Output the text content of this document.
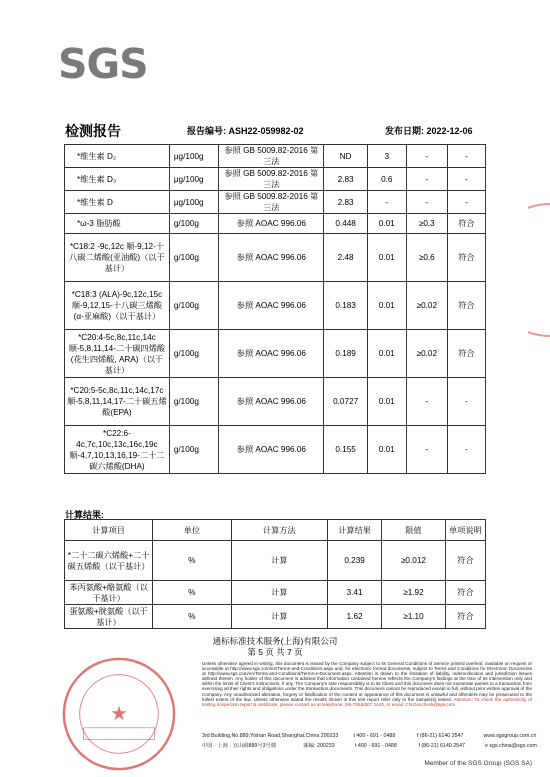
SGS
检测报告	报告编号: ASH22-059982-02	发布日期: 2022-12-06
*维生素 D₂	μg/100g	参照 GB 5009.82-2016 第三法	ND	3	-	-
*维生素 D₃	μg/100g	参照 GB 5009.82-2016 第三法	2.83	0.6	-	-
*维生素 D	μg/100g	参照 GB 5009.82-2016 第三法	2.83	-	-	-
*ω-3 脂肪酸	g/100g	参照 AOAC 996.06	0.448	0.01	≥0.3	符合
*C18:2 -9c,12c 顺-9,12-十八碳二烯酸(亚油酸)（以干基计）	g/100g	参照 AOAC 996.06	2.48	0.01	≥0.6	符合
*C18:3 (ALA)-9c,12c,15c 顺-9,12,15-十八碳三烯酸(α-亚麻酸)（以干基计）	g/100g	参照 AOAC 996.06	0.183	0.01	≥0.02	符合
*C20:4-5c,8c,11c,14c 顺-5,8,11,14-二十碳四烯酸(花生四烯酸, ARA)（以干基计）	g/100g	参照 AOAC 996.06	0.189	0.01	≥0.02	符合
*C20:5-5c,8c,11c,14c,17c 顺-5,8,11,14,17-二十碳五烯酸(EPA)	g/100g	参照 AOAC 996.06	0.0727	0.01	-	-
*C22:6-4c,7c,10c,13c,16c,19c 顺-4,7,10,13,16,19-二十二碳六烯酸(DHA)	g/100g	参照 AOAC 996.06	0.155	0.01	-	-
计算结果:
计算项目	单位	计算方法	计算结果	限值	单项说明
*二十二碳六烯酸+二十碳五烯酸（以干基计）	%	计算	0.239	≥0.012	符合
苯丙氨酸+酪氨酸（以干基计）	%	计算	3.41	≥1.92	符合
蛋氨酸+胱氨酸（以干基计）	%	计算	1.62	≥1.10	符合
通标标准技术服务(上海)有限公司
第 5 页 共 7 页
★
Unless otherwise agreed in writing, this document is issued by the Company subject to its General Conditions of Service printed overleaf, available on request or accessible at http://www.sgs.com/en/Terms-and-Conditions.aspx and, for electronic format documents, subject to Terms and Conditions for Electronic Documents at http://www.sgs.com/en/Terms-and-Conditions/Terms-e-Document.aspx. Attention is drawn to the limitation of liability, indemnification and jurisdiction issues defined therein. Any holder of this document is advised that information contained hereon reflects the Company's findings at the time of its intervention only and within the limits of Client's instructions, if any. The Company's sole responsibility is to its Client and this document does not exonerate parties to a transaction from exercising all their rights and obligations under the transaction documents. This document cannot be reproduced except in full, without prior written approval of the Company. Any unauthorized alteration, forgery or falsification of the content or appearance of this document is unlawful and offenders may be prosecuted to the fullest extent of the law. Unless otherwise stated the results shown in this test report refer only to the sample(s) tested. Attention: To check the authenticity of testing /inspection report & certificate, please contact us at telephone: (86-755)8307 1443, or email: CN.Doccheck@sgs.com
3rd Building,No.889,Yishan Road,Shanghai,China 200233	t 400 - 691 - 0488	f (86-21) 6140 2547	www.sgsgroup.com.cn
中国 · 上海 · 宜山路889号3号楼	邮编: 200233	t 400 - 691 - 0488	f (86-21) 6140 2547	e sgs.china@sgs.com
Member of the SGS Group (SGS SA)
